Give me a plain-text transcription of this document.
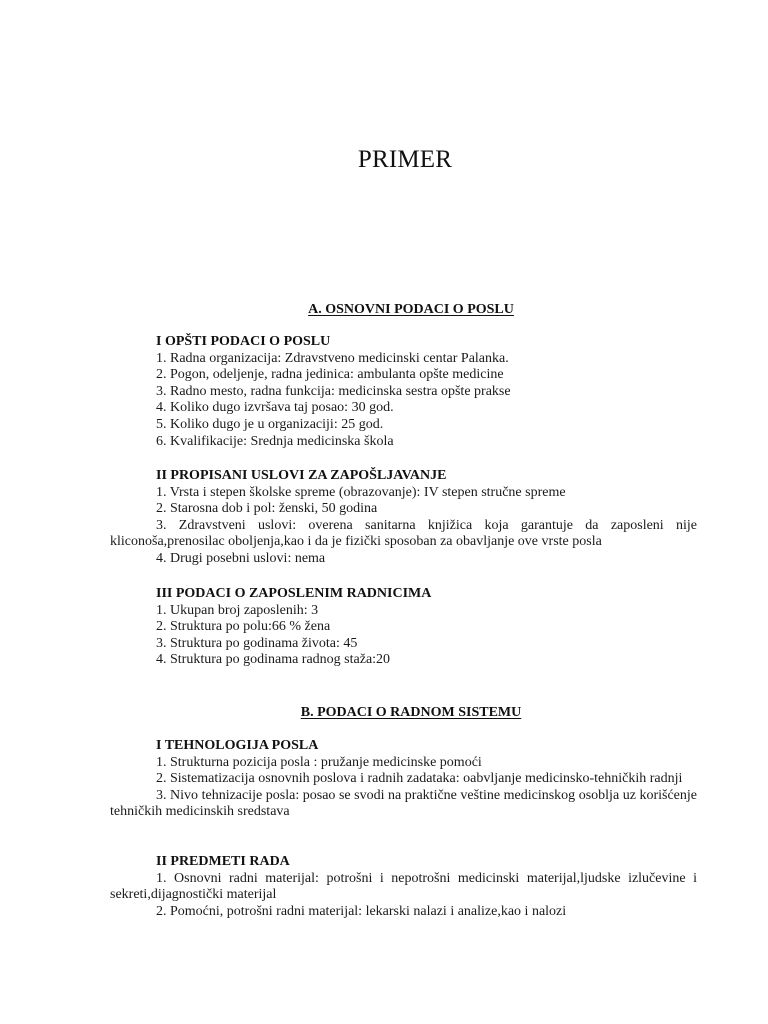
PRIMER
A. OSNOVNI PODACI O POSLU
I OPŠTI PODACI O POSLU
1. Radna organizacija: Zdravstveno medicinski centar Palanka.
2. Pogon, odeljenje, radna jedinica: ambulanta opšte medicine
3. Radno mesto, radna funkcija: medicinska sestra opšte prakse
4. Koliko dugo izvršava taj posao: 30 god.
5. Koliko dugo je u organizaciji: 25 god.
6. Kvalifikacije: Srednja medicinska škola
II PROPISANI USLOVI ZA ZAPOŠLJAVANJE
1. Vrsta i stepen školske spreme (obrazovanje): IV stepen stručne spreme
2. Starosna dob i pol: ženski, 50 godina
3. Zdravstveni uslovi: overena sanitarna knjižica koja garantuje da zaposleni nije kliconoša,prenosilac oboljenja,kao i da je fizički sposoban za obavljanje ove vrste posla
4. Drugi posebni uslovi: nema
III PODACI O ZAPOSLENIM RADNICIMA
1. Ukupan broj zaposlenih: 3
2. Struktura po polu:66 % žena
3. Struktura po godinama života: 45
4. Struktura po godinama radnog staža:20
B. PODACI O RADNOM SISTEMU
I TEHNOLOGIJA POSLA
1. Strukturna pozicija posla : pružanje medicinske pomoći
2. Sistematizacija osnovnih poslova i radnih zadataka: oabvljanje medicinsko-tehničkih radnji
3. Nivo tehnizacije posla: posao se svodi na praktične veštine medicinskog osoblja uz korišćenje tehničkih medicinskih sredstava
II PREDMETI RADA
1. Osnovni radni materijal: potrošni i nepotrošni medicinski materijal,ljudske izlučevine i sekreti,dijagnostički materijal
2. Pomoćni, potrošni radni materijal: lekarski nalazi i analize,kao i nalozi
